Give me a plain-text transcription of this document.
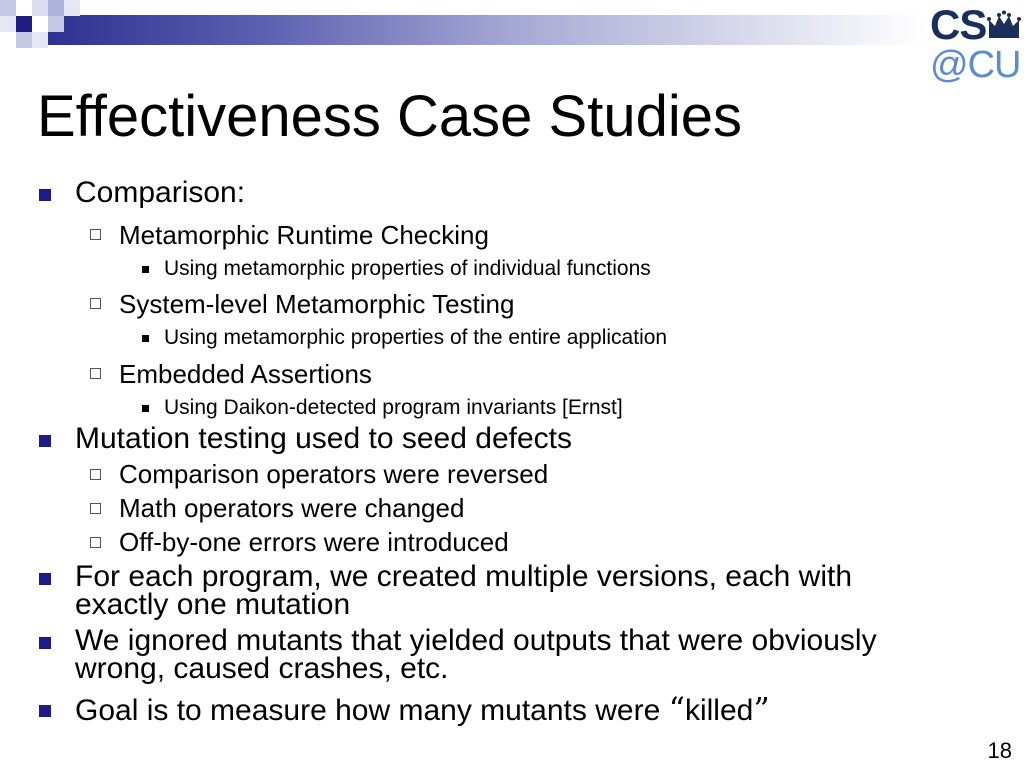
CS
@CU
Effectiveness Case Studies
Comparison:
Metamorphic Runtime Checking
Using metamorphic properties of individual functions
System-level Metamorphic Testing
Using metamorphic properties of the entire application
Embedded Assertions
Using Daikon-detected program invariants [Ernst]
Mutation testing used to seed defects
Comparison operators were reversed
Math operators were changed
Off-by-one errors were introduced
For each program, we created multiple versions, each with
exactly one mutation
We ignored mutants that yielded outputs that were obviously
wrong, caused crashes, etc.
Goal is to measure how many mutants were “killed”
18
